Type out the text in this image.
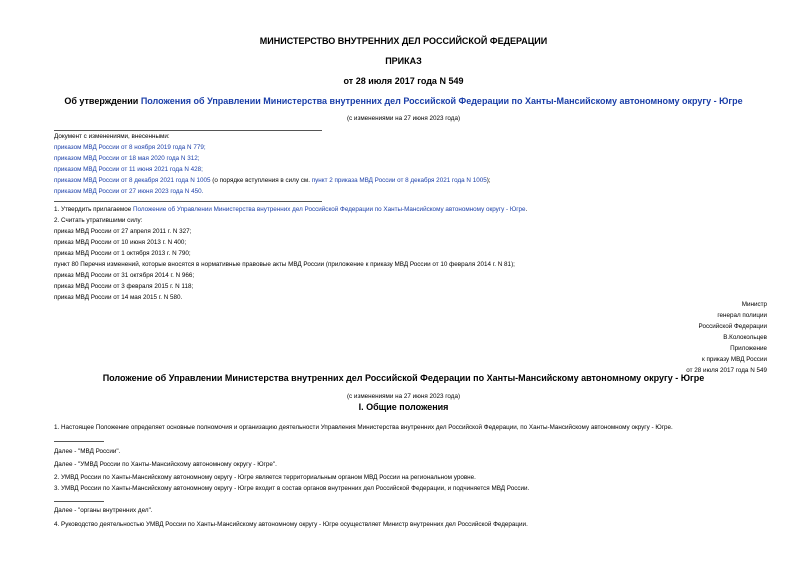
МИНИСТЕРСТВО ВНУТРЕННИХ ДЕЛ РОССИЙСКОЙ ФЕДЕРАЦИИ
ПРИКАЗ
от 28 июля 2017 года N 549
Об утверждении Положения об Управлении Министерства внутренних дел Российской Федерации по Ханты-Мансийскому автономному округу - Югре
(с изменениями на 27 июня 2023 года)
Документ с изменениями, внесенными:
приказом МВД России от 8 ноября 2019 года N 779;
приказом МВД России от 18 мая 2020 года N 312;
приказом МВД России от 11 июня 2021 года N 428;
приказом МВД России от 8 декабря 2021 года N 1005 (о порядке вступления в силу см. пункт 2 приказа МВД России от 8 декабря 2021 года N 1005);
приказом МВД России от 27 июня 2023 года N 450.
1. Утвердить прилагаемое Положение об Управлении Министерства внутренних дел Российской Федерации по Ханты-Мансийскому автономному округу - Югре.
2. Считать утратившими силу:
приказ МВД России от 27 апреля 2011 г. N 327;
приказ МВД России от 10 июня 2013 г. N 400;
приказ МВД России от 1 октября 2013 г. N 790;
пункт 80 Перечня изменений, которые вносятся в нормативные правовые акты МВД России (приложение к приказу МВД России от 10 февраля 2014 г. N 81);
приказ МВД России от 31 октября 2014 г. N 966;
приказ МВД России от 3 февраля 2015 г. N 118;
приказ МВД России от 14 мая 2015 г. N 580.
Министр
генерал полиции
Российской Федерации
В.Колокольцев
Приложение
к приказу МВД России
от 28 июля 2017 года N 549
Положение об Управлении Министерства внутренних дел Российской Федерации по Ханты-Мансийскому автономному округу - Югре
(с изменениями на 27 июня 2023 года)
I. Общие положения
1. Настоящее Положение определяет основные полномочия и организацию деятельности Управления Министерства внутренних дел Российской Федерации, по Ханты-Мансийскому автономному округу - Югре.
Далее - "МВД России".
Далее - "УМВД России по Ханты-Мансийскому автономному округу - Югре".
2. УМВД России по Ханты-Мансийскому автономному округу - Югре является территориальным органом МВД России на региональном уровне.
3. УМВД России по Ханты-Мансийскому автономному округу - Югре входит в состав органов внутренних дел Российской Федерации, и подчиняется МВД России.
Далее - "органы внутренних дел".
4. Руководство деятельностью УМВД России по Ханты-Мансийскому автономному округу - Югре осуществляет Министр внутренних дел Российской Федерации.
